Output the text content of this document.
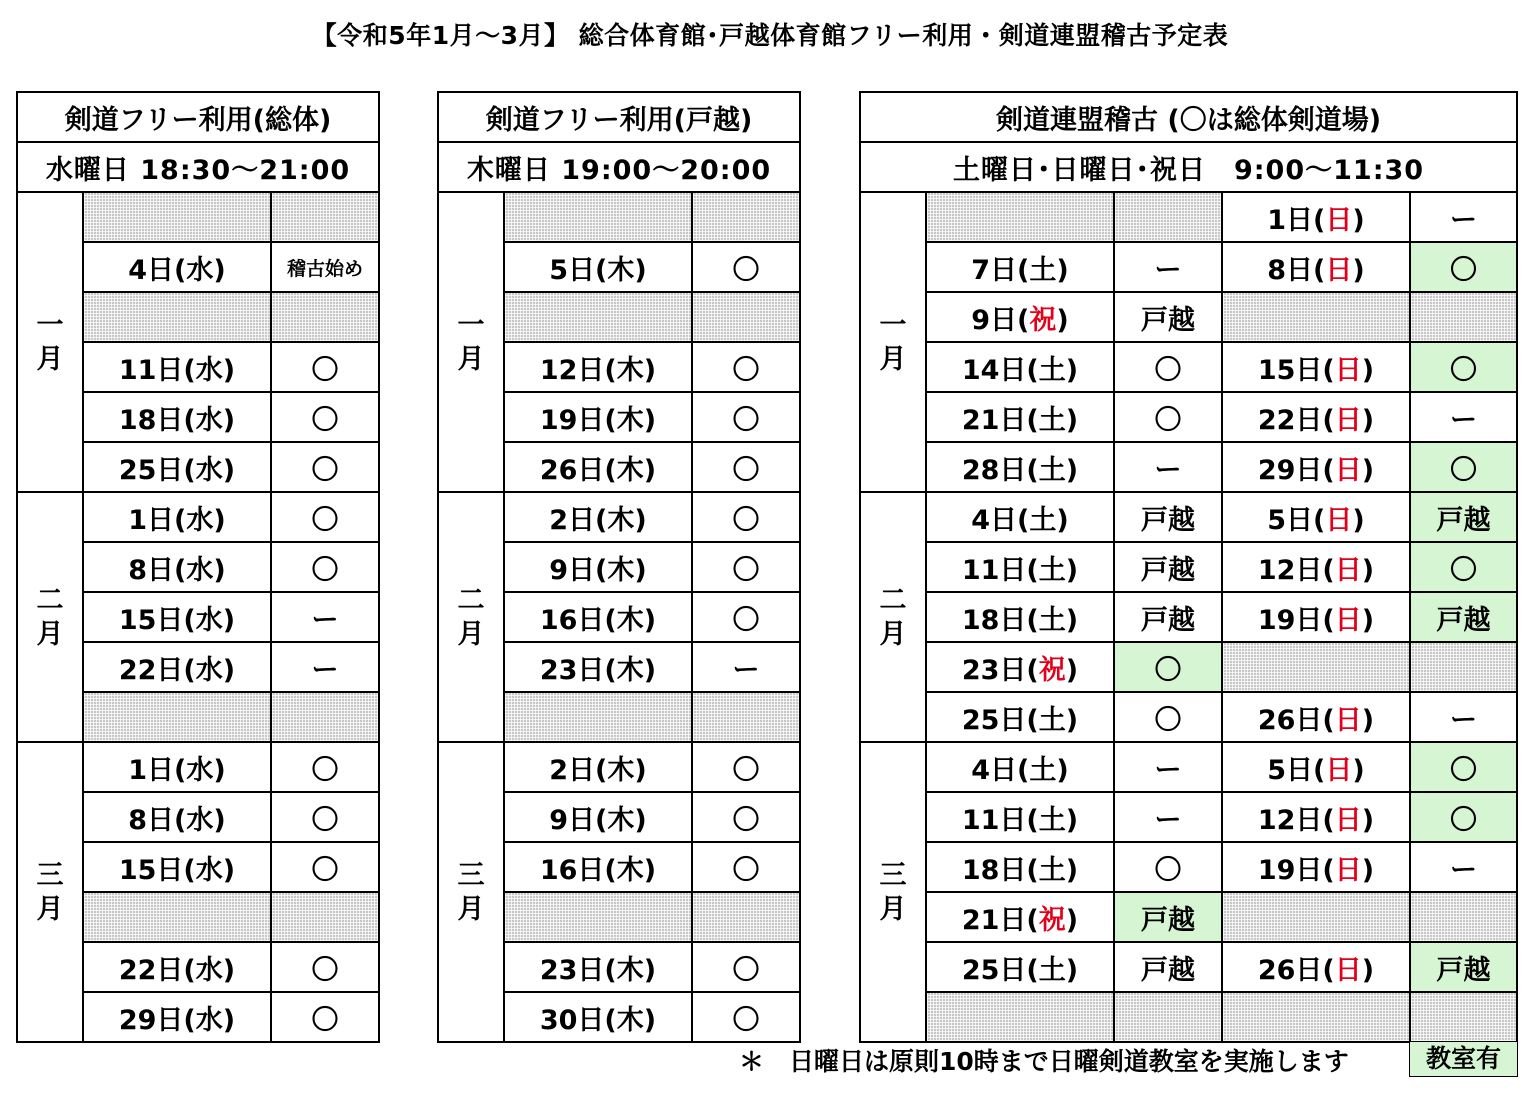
【令和5年1月～3月】 総合体育館･戸越体育館フリー利用・剣道連盟稽古予定表
剣道フリー利用(総体)		
水曜日 18:30～21:00		
一
月		
	4日(水)	稽古始め

	11日(水)	〇
	18日(水)	〇
	25日(水)	〇
二
月	1日(水)	〇
	8日(水)	〇
	15日(水)	ー
	22日(水)	ー

三
月	1日(水)	〇
	8日(水)	〇
	15日(水)	〇

	22日(水)	〇
	29日(水)	〇
剣道フリー利用(戸越)		
木曜日 19:00～20:00		
一
月		
	5日(木)	〇

	12日(木)	〇
	19日(木)	〇
	26日(木)	〇
二
月	2日(木)	〇
	9日(木)	〇
	16日(木)	〇
	23日(木)	ー

三
月	2日(木)	〇
	9日(木)	〇
	16日(木)	〇

	23日(木)	〇
	30日(木)	〇
剣道連盟稽古 (〇は総体剣道場)				
土曜日･日曜日･祝日　9:00～11:30				
一
月			1日(日)	ー
	7日(土)	ー	8日(日)	〇
	9日(祝)	戸越		
	14日(土)	〇	15日(日)	〇
	21日(土)	〇	22日(日)	ー
	28日(土)	ー	29日(日)	〇
二
月	4日(土)	戸越	5日(日)	戸越
	11日(土)	戸越	12日(日)	〇
	18日(土)	戸越	19日(日)	戸越
	23日(祝)	〇		
	25日(土)	〇	26日(日)	ー
三
月	4日(土)	ー	5日(日)	〇
	11日(土)	ー	12日(日)	〇
	18日(土)	〇	19日(日)	ー
	21日(祝)	戸越		
	25日(土)	戸越	26日(日)	戸越

＊　日曜日は原則10時まで日曜剣道教室を実施します	教室有
